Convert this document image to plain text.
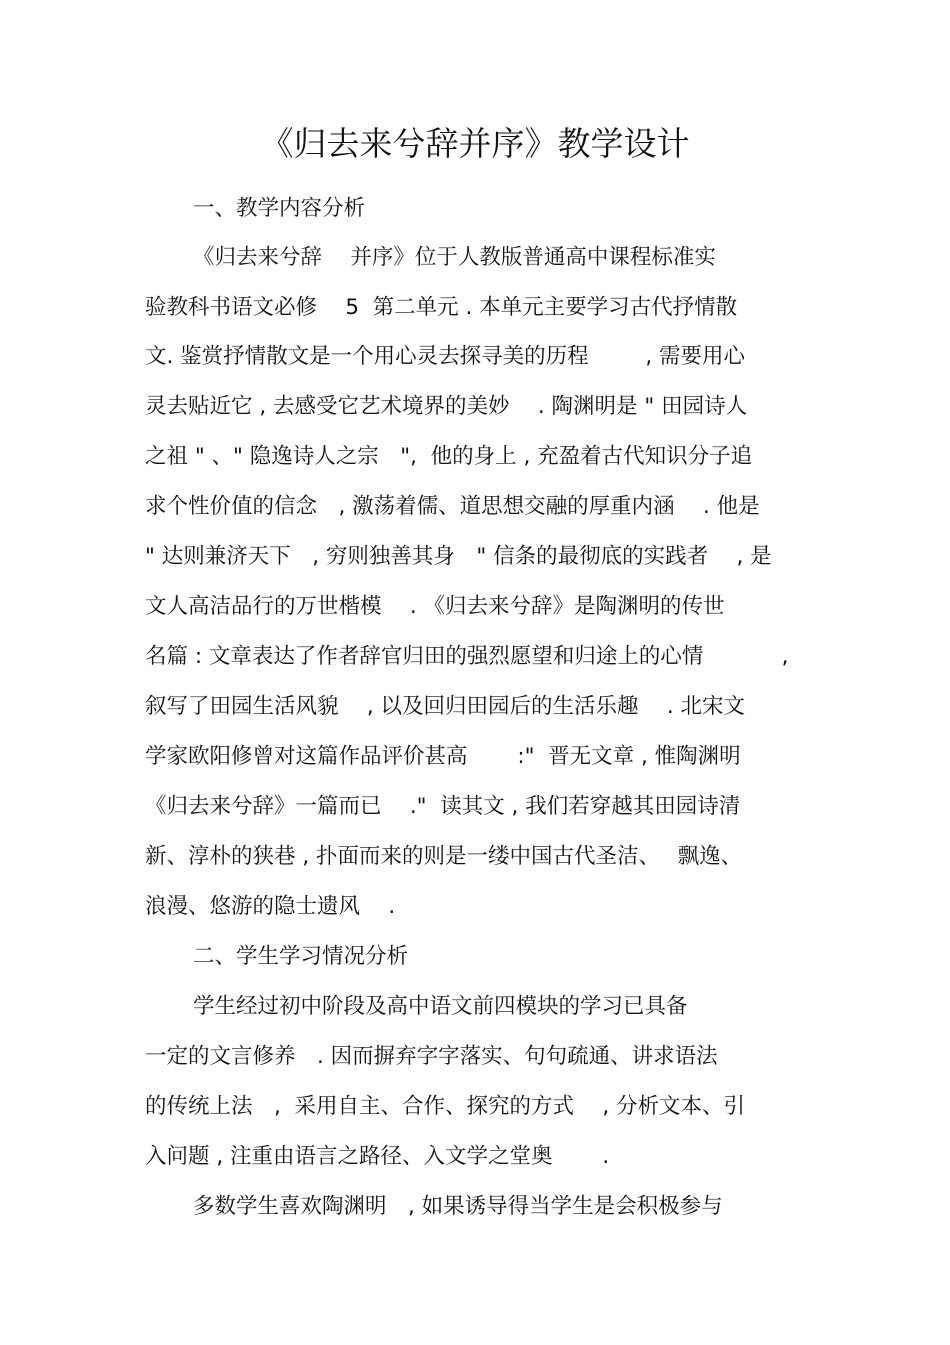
《归去来兮辞并序》教学设计
一、教学内容分析
《归去来兮辞　 并序》位于人教版普通高中课程标准实
验教科书语文必修　 5  第二单元 . 本单元主要学习古代抒情散
文. 鉴赏抒情散文是一个用心灵去探寻美的历程　　  , 需要用心
灵去贴近它 , 去感受它艺术境界的美妙　 . 陶渊明是 " 田园诗人
之祖 " 、" 隐逸诗人之宗　",  他的身上 , 充盈着古代知识分子追
求个性价值的信念　, 激荡着儒、道思想交融的厚重内涵　 . 他是
" 达则兼济天下　, 穷则独善其身　" 信条的最彻底的实践者　 , 是
文人高洁品行的万世楷模　 . 《归去来兮辞》是陶渊明的传世
名篇 : 文章表达了作者辞官归田的强烈愿望和归途上的心情　　　  ,
叙写了田园生活风貌　 , 以及回归田园后的生活乐趣　 . 北宋文
学家欧阳修曾对这篇作品评价甚高　　 :"  晋无文章 , 惟陶渊明
《归去来兮辞》一篇而已　 ."  读其文 , 我们若穿越其田园诗清
新、淳朴的狭巷 , 扑面而来的则是一缕中国古代圣洁、　 飘逸、
浪漫、悠游的隐士遗风　 .
二、学生学习情况分析
学生经过初中阶段及高中语文前四模块的学习已具备
一定的文言修养　. 因而摒弃字字落实、句句疏通、讲求语法
的传统上法　,  采用自主、合作、探究的方式　 , 分析文本、引
入问题 , 注重由语言之路径、入文学之堂奥　　 .
多数学生喜欢陶渊明　, 如果诱导得当学生是会积极参与
